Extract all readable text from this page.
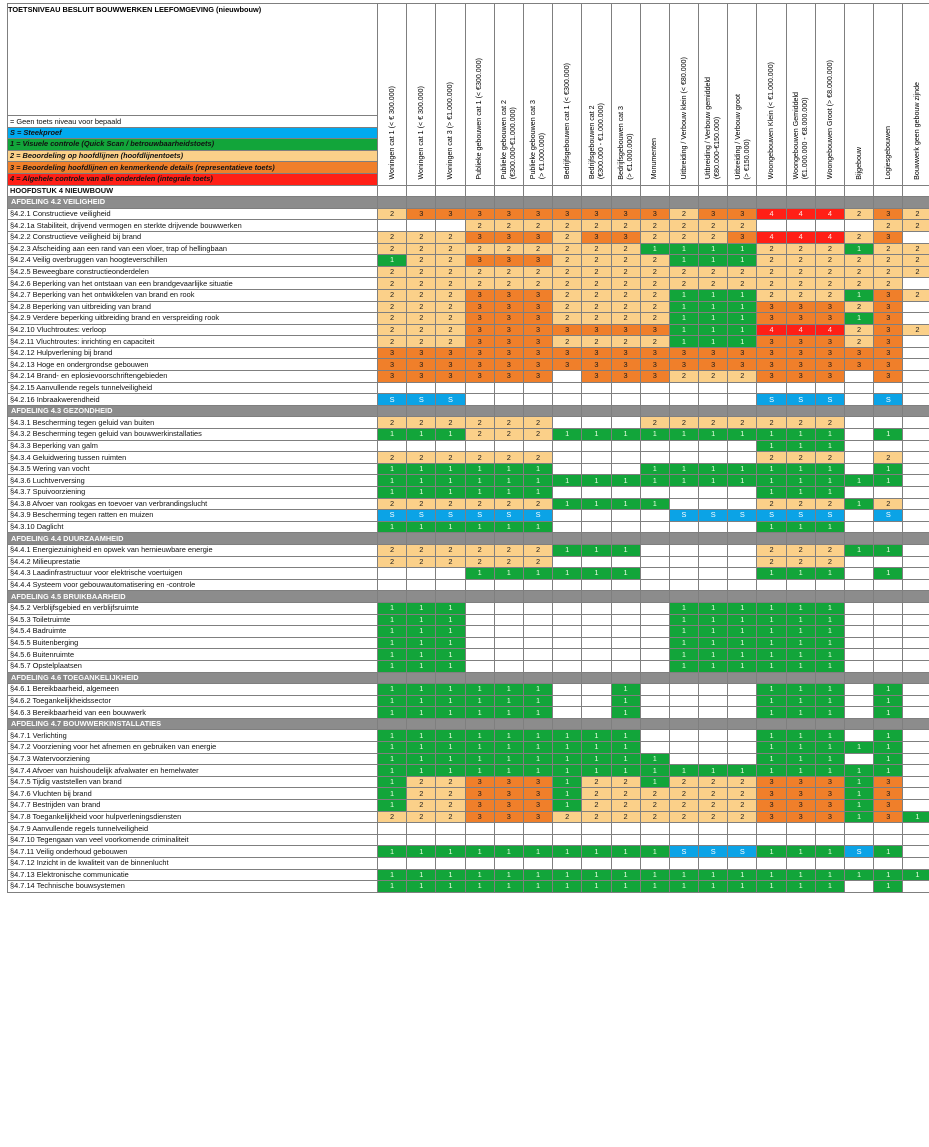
TOETSNIVEAU BESLUIT BOUWWERKEN LEEFOMGEVING (nieuwbouw)	Woningen cat 1 (< € 300.000)	Woningen cat 1 (< € 300.000)	Woningen cat 3 (> €1.000.000)	Publieke gebouwen cat 1 (< €300.000)	Publieke gebouwen cat 2 (€300.000-€1.000.000)	Publieke gebouwen cat 3 (> €1.000.000)	Bedrijfsgebouwen cat 1 (< €300.000)	Bedrijfsgebouwen cat 2 (€300.000 - €1.000.000)	Bedrijfsgebouwen cat 3 (> €1.000.000)	Monumenten	Uitbreiding / Verbouw klein (< €80.000)	Uitbreiding / Verbouw gemiddeld (€80.000-€150.000)	Uitbreiding / Verbouw groot (> €150.000)	Woongebouwen Klein (< €1.000.000)	Woongebouwen Gemiddeld (€1.000.000 - €8.000.000)	Woongebouwen Groot (> €8.000.000)	Bijgebouw	Logiesgebouwen	Bouwwerk geen gebouw zijnde

= Geen toets niveau voor bepaald																			
S = Steekproef																			
1 = Visuele controle (Quick Scan / betrouwbaarheidstoets)																			
2 = Beoordeling op hoofdlijnen (hoofdlijnentoets)																			
3 = Beoordeling hoofdlijnen en kenmerkende details (representatieve toets)																			
4 = Algehele controle van alle onderdelen (integrale toets)																			
HOOFDSTUK 4 NIEUWBOUW																			
AFDELING 4.2 VEILIGHEID																			
§4.2.1 Constructieve veiligheid	2	3	3	3	3	3	3	3	3	3	2	3	3	4	4	4	2	3	2
§4.2.1a Stabiliteit, drijvend vermogen en sterkte drijvende bouwwerken				2	2	2	2	2	2	2	2	2	2					2	2
§4.2.2 Constructieve veiligheid bij brand	2	2	2	3	3	3	2	3	3	2	2	2	3	4	4	4	2	3	
§4.2.3 Afscheiding aan een rand van een vloer, trap of hellingbaan	2	2	2	2	2	2	2	2	2	1	1	1	1	2	2	2	1	2	2
§4.2.4 Veilig overbruggen van hoogteverschillen	1	2	2	3	3	3	2	2	2	2	1	1	1	2	2	2	2	2	2
§4.2.5 Beweegbare constructieonderdelen	2	2	2	2	2	2	2	2	2	2	2	2	2	2	2	2	2	2	2
§4.2.6 Beperking van het ontstaan van een brandgevaarlijke situatie	2	2	2	2	2	2	2	2	2	2	2	2	2	2	2	2	2	2	
§4.2.7 Beperking van het ontwikkelen van brand en rook	2	2	2	3	3	3	2	2	2	2	1	1	1	2	2	2	1	3	2
§4.2.8 Beperking van uitbreiding van brand	2	2	2	3	3	3	2	2	2	2	1	1	1	3	3	3	2	3	
§4.2.9 Verdere beperking uitbreiding brand en verspreiding rook	2	2	2	3	3	3	2	2	2	2	1	1	1	3	3	3	1	3	
§4.2.10 Vluchtroutes: verloop	2	2	2	3	3	3	3	3	3	3	1	1	1	4	4	4	2	3	2
§4.2.11 Vluchtroutes: inrichting en capaciteit	2	2	2	3	3	3	2	2	2	2	1	1	1	3	3	3	2	3	
§4.2.12 Hulpverlening bij brand	3	3	3	3	3	3	3	3	3	3	3	3	3	3	3	3	3	3	
§4.2.13 Hoge en ondergrondse gebouwen	3	3	3	3	3	3	3	3	3	3	3	3	3	3	3	3	3	3	
§4.2.14 Brand- en eplosievoorschriftengebieden	3	3	3	3	3	3		3	3	3	2	2	2	3	3	3		3	
§4.2.15 Aanvullende regels tunnelveiligheid																			
§4.2.16 Inbraakwerendheid	S	S	S											S	S	S		S	
AFDELING 4.3 GEZONDHEID																			
§4.3.1 Bescherming tegen geluid van buiten	2	2	2	2	2	2				2	2	2	2	2	2	2			
§4.3.2 Bescherming tegen geluid van bouwwerkinstallaties	1	1	1	2	2	2	1	1	1	1	1	1	1	1	1	1		1	
§4.3.3 Beperking van galm														1	1	1			
§4.3.4 Geluidwering tussen ruimten	2	2	2	2	2	2								2	2	2		2	
§4.3.5 Wering van vocht	1	1	1	1	1	1				1	1	1	1	1	1	1		1	
§4.3.6 Luchtverversing	1	1	1	1	1	1	1	1	1	1	1	1	1	1	1	1	1	1	
§4.3.7 Spuivoorziening	1	1	1	1	1	1								1	1	1			
§4.3.8 Afvoer van rookgas en toevoer van verbrandingslucht	2	2	2	2	2	2	1	1	1	1				2	2	2	1	2	
§4.3.9 Bescherming tegen ratten en muizen	S	S	S	S	S	S					S	S	S	S	S	S		S	
§4.3.10 Daglicht	1	1	1	1	1	1								1	1	1			
AFDELING 4.4 DUURZAAMHEID																			
§4.4.1 Energiezuinigheid en opwek van hernieuwbare energie	2	2	2	2	2	2	1	1	1					2	2	2	1	1	
§4.4.2 Milieuprestatie	2	2	2	2	2	2								2	2	2			
§4.4.3 Laadinfrastructuur voor elektrische voertuigen				1	1	1	1	1	1					1	1	1		1	
§4.4.4 Systeem voor gebouwautomatisering en -controle																			
AFDELING 4.5 BRUIKBAARHEID																			
§4.5.2 Verblijfsgebied en verblijfsruimte	1	1	1								1	1	1	1	1	1			
§4.5.3 Toiletruimte	1	1	1								1	1	1	1	1	1			
§4.5.4 Badruimte	1	1	1								1	1	1	1	1	1			
§4.5.5 Buitenberging	1	1	1								1	1	1	1	1	1			
§4.5.6 Buitenruimte	1	1	1								1	1	1	1	1	1			
§4.5.7 Opstelplaatsen	1	1	1								1	1	1	1	1	1			
AFDELING 4.6 TOEGANKELIJKHEID																			
§4.6.1 Bereikbaarheid, algemeen	1	1	1	1	1	1			1					1	1	1		1	
§4.6.2 Toegankelijkheidssector	1	1	1	1	1	1			1					1	1	1		1	
§4.6.3 Bereikbaarheid van een bouwwerk	1	1	1	1	1	1			1					1	1	1		1	
AFDELING 4.7 BOUWWERKINSTALLATIES																			
§4.7.1 Verlichting	1	1	1	1	1	1	1	1	1					1	1	1		1	
§4.7.2 Voorziening voor het afnemen en gebruiken van energie	1	1	1	1	1	1	1	1	1					1	1	1	1	1	
§4.7.3 Watervoorziening	1	1	1	1	1	1	1	1	1	1				1	1	1		1	
§4.7.4 Afvoer van huishoudelijk afvalwater en hemelwater	1	1	1	1	1	1	1	1	1	1	1	1	1	1	1	1	1	1	
§4.7.5 Tijdig vaststellen van brand	1	2	2	3	3	3	1	2	2	1	2	2	2	3	3	3	1	3	
§4.7.6 Vluchten bij brand	1	2	2	3	3	3	1	2	2	2	2	2	2	3	3	3	1	3	
§4.7.7 Bestrijden van brand	1	2	2	3	3	3	1	2	2	2	2	2	2	3	3	3	1	3	
§4.7.8 Toegankelijkheid voor hulpverleningsdiensten	2	2	2	3	3	3	2	2	2	2	2	2	2	3	3	3	1	3	1
§4.7.9 Aanvullende regels tunnelveiligheid																			
§4.7.10 Tegengaan van veel voorkomende criminaliteit																			
§4.7.11 Veilig onderhoud gebouwen	1	1	1	1	1	1	1	1	1	1	S	S	S	1	1	1	S	1	
§4.7.12 Inzicht in de kwaliteit van de binnenlucht																			
§4.7.13 Elektronische communicatie	1	1	1	1	1	1	1	1	1	1	1	1	1	1	1	1	1	1	1
§4.7.14 Technische bouwsystemen	1	1	1	1	1	1	1	1	1	1	1	1	1	1	1	1		1	
